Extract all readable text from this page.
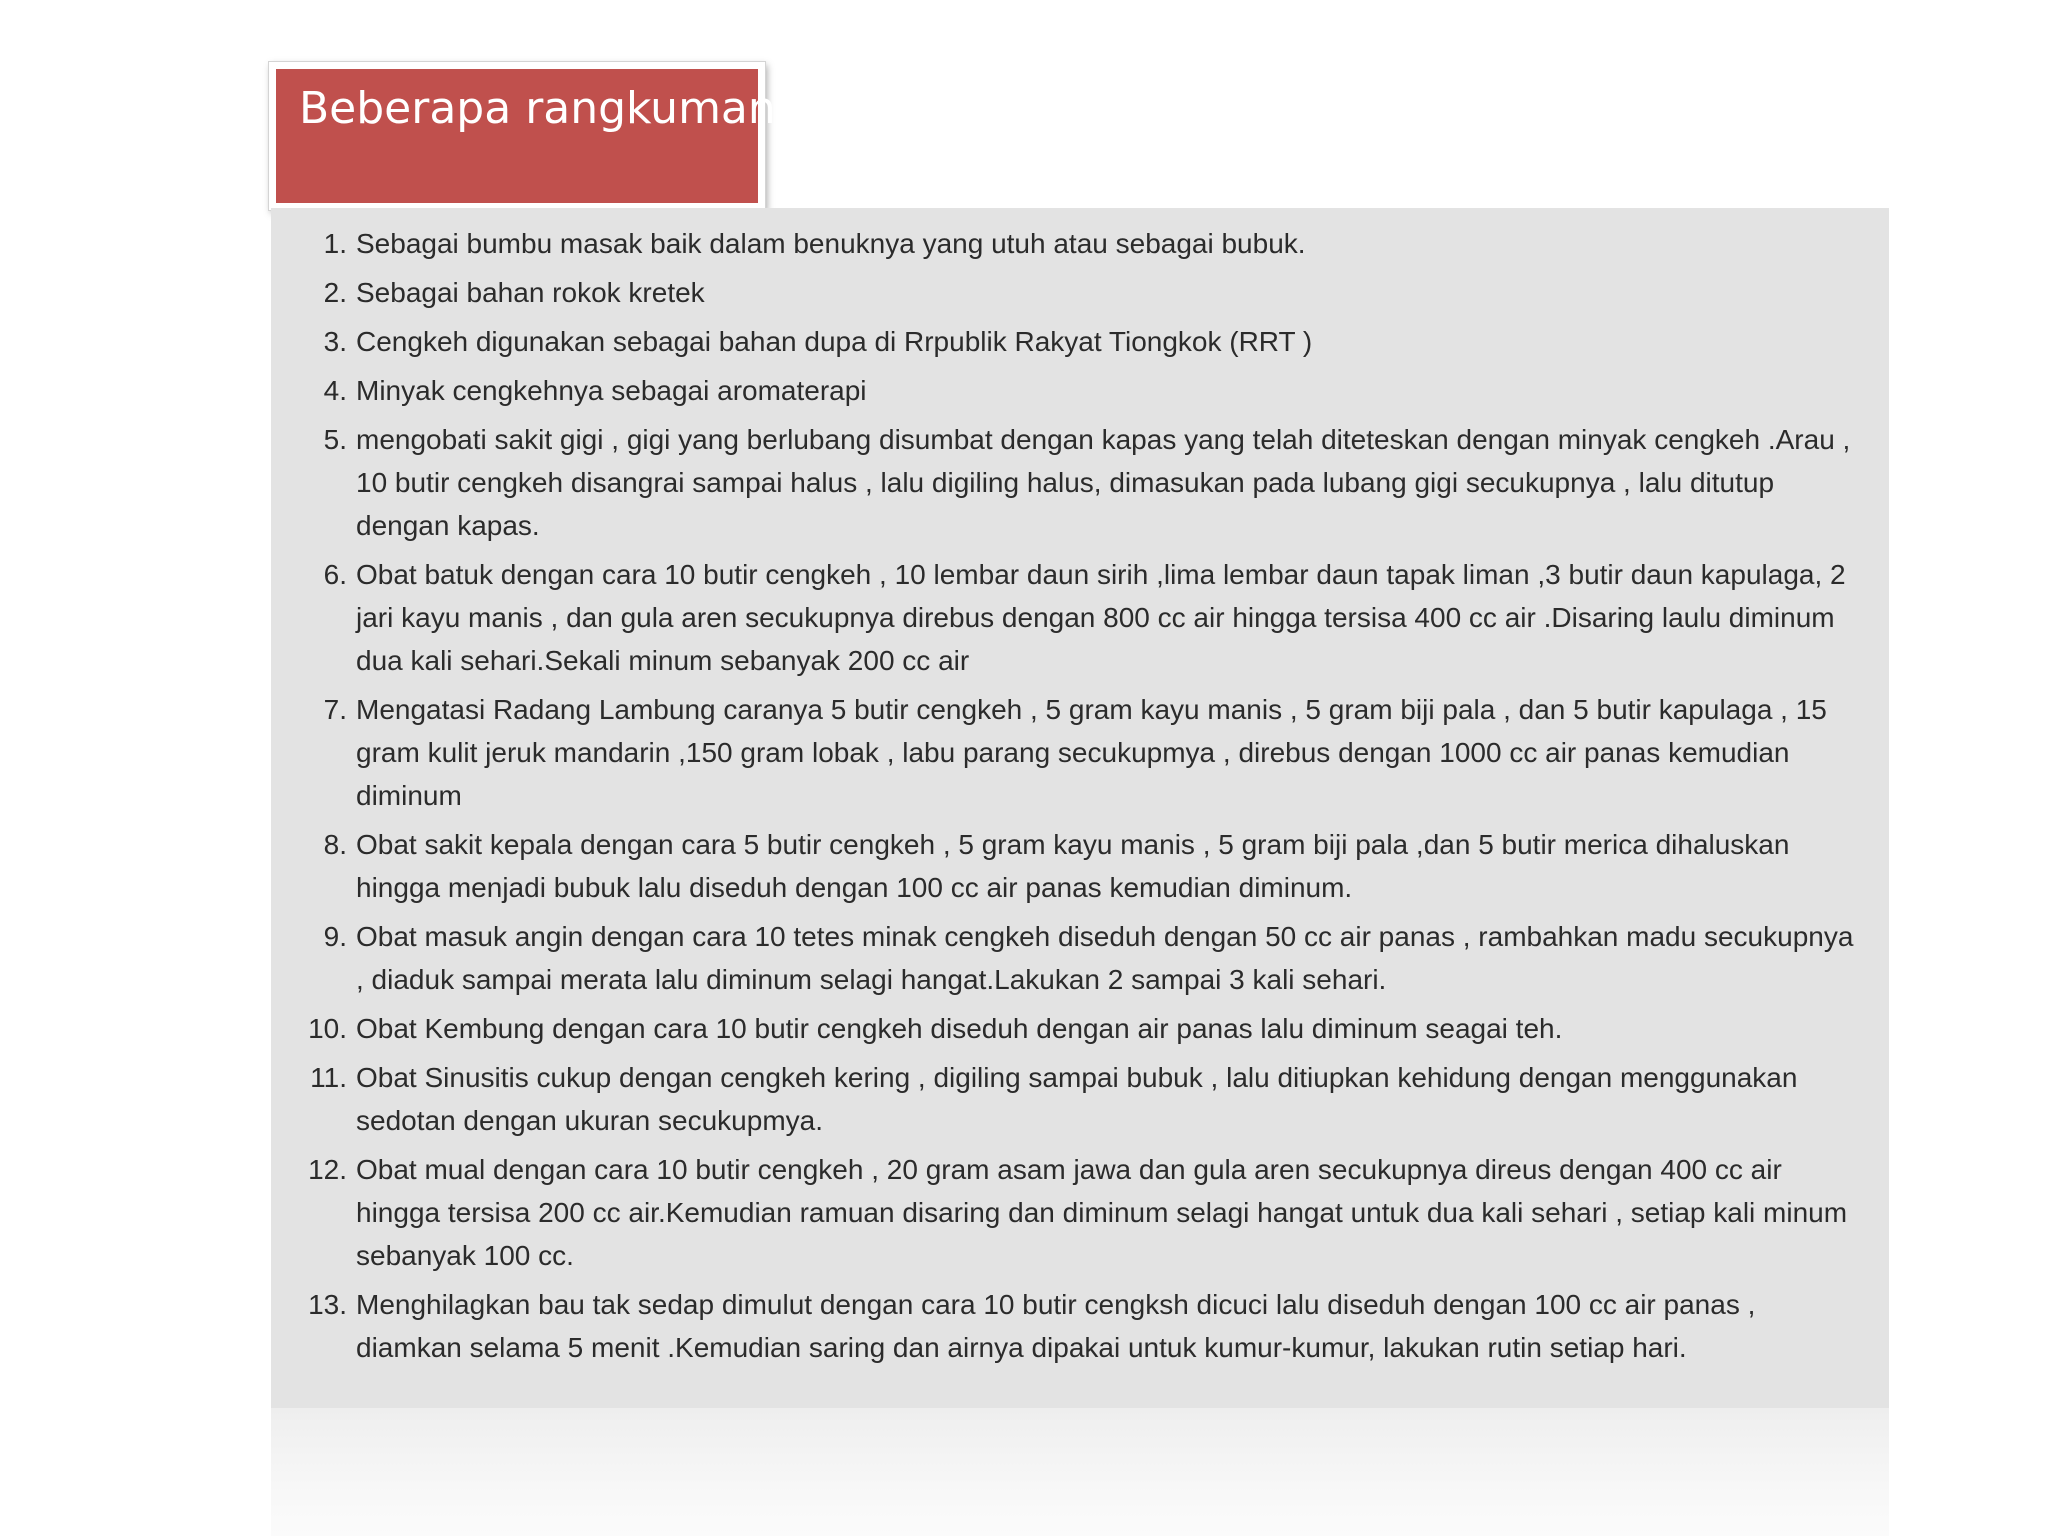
Beberapa rangkuman
1. Sebagai bumbu masak baik dalam benuknya yang utuh atau sebagai bubuk.
2. Sebagai bahan rokok kretek
3. Cengkeh digunakan sebagai bahan dupa di Rrpublik Rakyat Tiongkok (RRT )
4. Minyak cengkehnya sebagai aromaterapi
5. mengobati sakit gigi , gigi yang berlubang disumbat dengan kapas yang telah diteteskan dengan minyak cengkeh .Arau , 10 butir cengkeh disangrai sampai halus , lalu digiling halus, dimasukan pada lubang gigi secukupnya , lalu ditutup dengan kapas.
6. Obat batuk dengan cara 10 butir cengkeh , 10 lembar daun sirih ,lima lembar daun tapak liman ,3 butir daun kapulaga, 2 jari kayu manis , dan gula aren secukupnya direbus dengan 800 cc air hingga tersisa 400 cc air .Disaring laulu diminum dua kali sehari.Sekali minum sebanyak 200 cc air
7. Mengatasi Radang Lambung caranya 5 butir cengkeh , 5 gram kayu manis , 5 gram biji pala , dan 5 butir kapulaga , 15 gram kulit jeruk mandarin ,150 gram lobak , labu parang secukupmya , direbus dengan 1000 cc air panas kemudian diminum
8. Obat sakit kepala dengan cara 5 butir cengkeh , 5 gram kayu manis , 5 gram biji pala ,dan 5 butir merica dihaluskan hingga menjadi bubuk lalu diseduh dengan 100 cc air panas kemudian diminum.
9. Obat masuk angin dengan cara 10 tetes minak cengkeh diseduh dengan 50 cc air panas , rambahkan madu secukupnya , diaduk sampai merata lalu diminum selagi hangat.Lakukan 2 sampai 3 kali sehari.
10. Obat Kembung dengan cara 10 butir cengkeh diseduh dengan air panas lalu diminum seagai teh.
11. Obat Sinusitis cukup dengan cengkeh kering , digiling sampai bubuk , lalu ditiupkan kehidung dengan menggunakan sedotan dengan ukuran secukupmya.
12. Obat mual dengan cara 10 butir cengkeh , 20 gram asam jawa dan gula aren secukupnya direus dengan 400 cc air hingga tersisa 200 cc air.Kemudian ramuan disaring dan diminum selagi hangat untuk dua kali sehari , setiap kali minum sebanyak 100 cc.
13. Menghilagkan bau tak sedap dimulut dengan cara 10 butir cengksh dicuci lalu diseduh dengan 100 cc air panas , diamkan selama 5 menit .Kemudian saring dan airnya dipakai untuk kumur-kumur, lakukan rutin setiap hari.
